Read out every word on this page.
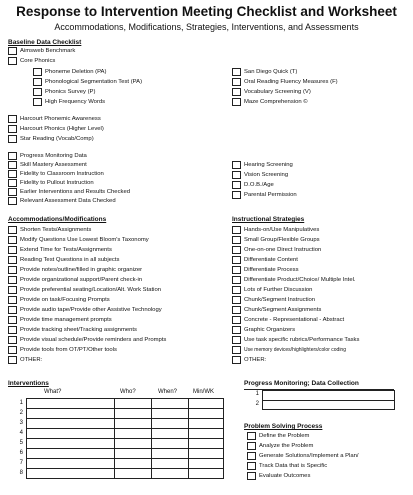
Response to Intervention Meeting Checklist and Worksheet
Accommodations, Modifications, Strategies, Interventions, and Assessments
Baseline Data Checklist
Aimsweb Benchmark
Core Phonics
Phoneme Deletion (PA)
Phonological Segmentation Test (PA)
Phonics Survey (P)
High Frequency Words
San Diego Quick (T)
Oral Reading Fluency Measures (F)
Vocabulary Screening (V)
Maze Comprehension ©
Harcourt Phonemic Awareness
Harcourt Phonics (Higher Level)
Star Reading (Vocab/Comp)
Progress Monitoring Data
Skill Mastery Assessment
Fidelity to Classroom Instruction
Fidelity to Pullout Instruction
Earlier Interventions and Results Checked
Relevant Assessment Data Checked
Hearing Screening
Vision Screening
D.O.B./Age
Parental Permission
Accommodations/Modifications	Instructional Strategies
Shorten Tests/Assignments
Modify Questions Use Lowest Bloom's Taxonomy
Extend Time for Tests/Assignments
Reading Test Questions in all subjects
Provide notes/outline/filled in graphic organizer
Provide organizational support/Parent check-in
Provide preferential seating/Location/Alt. Work Station
Provide on task/Focusing Prompts
Provide audio tape/Provide other Assistive Technology
Provide time management prompts
Provide tracking sheet/Tracking assignments
Provide visual schedule/Provide reminders and Prompts
Provide tools from OT/PT/Other tools
OTHER:
Hands-on/Use Manipulatives
Small Group/Flexible Groups
One-on-one Direct Instruction
Differentiate Content
Differentiate Process
Differentiate Product/Choice/ Multiple Intel.
Lots of Further Discussion
Chunk/Segment Instruction
Chunk/Segment Assignments
Concrete - Representational - Abstract
Graphic Organizers
Use task specific rubrics/Performance Tasks
Use memory devices/highlighters/color coding
OTHER:
Interventions
What?	Who?	When?	Min/WK
1
2
3
4
5
6
7
8
Progress Monitoring; Data Collection
1
2
Problem Solving Process
Define the Problem
Analyze the Problem
Generate Solutions/Implement a Plan/
Track Data that is Specific
Evaluate Outcomes
